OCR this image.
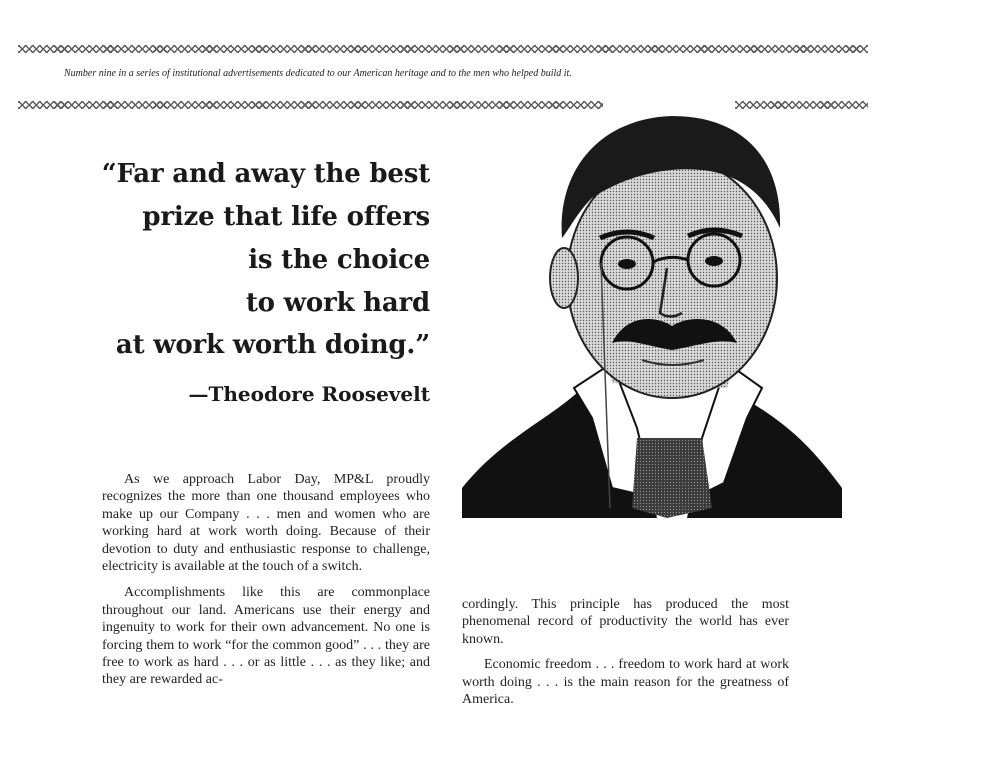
Number nine in a series of institutional advertisements dedicated to our American heritage and to the men who helped build it.
“Far and away the best
prize that life offers
is the choice
to work hard
at work worth doing.”
—Theodore Roosevelt

As we approach Labor Day, MP&L proudly recognizes the more than one thousand employees who make up our Company . . . men and women who are working hard at work worth doing. Because of their devotion to duty and enthusiastic response to challenge, electricity is available at the touch of a switch.

Accomplishments like this are commonplace throughout our land. Americans use their energy and ingenuity to work for their own advancement. No one is forcing them to work “for the common good” . . . they are free to work as hard . . . or as little . . . as they like; and they are rewarded ac-

cordingly. This principle has produced the most phenomenal record of productivity the world has ever known.

Economic freedom . . . freedom to work hard at work worth doing . . . is the main reason for the greatness of America.
